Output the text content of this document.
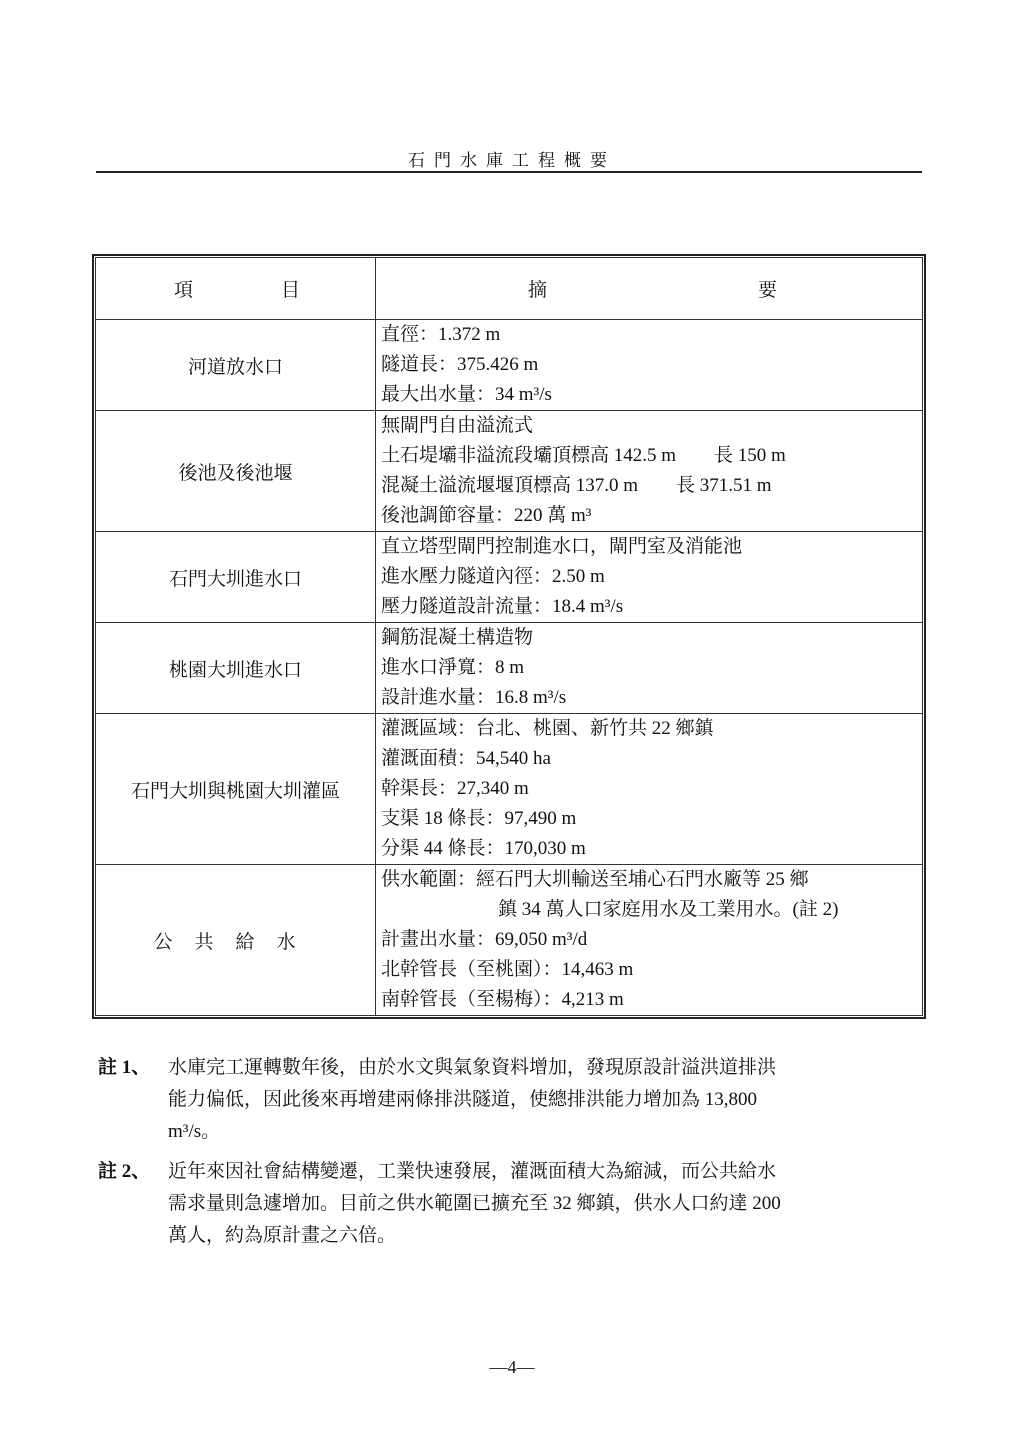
石門水庫工程概要
項 目	摘 要

河道放水口	直徑：1.372 m
隧道長：375.426 m
最大出水量：34 m³/s

後池及後池堰	無閘門自由溢流式
土石堤壩非溢流段壩頂標高 142.5 m　　長 150 m
混凝土溢流堰堰頂標高 137.0 m　　長 371.51 m
後池調節容量：220 萬 m³

石門大圳進水口	直立塔型閘門控制進水口，閘門室及消能池
進水壓力隧道內徑：2.50 m
壓力隧道設計流量：18.4 m³/s

桃園大圳進水口	鋼筋混凝土構造物
進水口淨寬：8 m
設計進水量：16.8 m³/s

石門大圳與桃園大圳灌區	灌溉區域：台北、桃園、新竹共 22 鄉鎮
灌溉面積：54,540 ha
幹渠長：27,340 m
支渠 18 條長：97,490 m
分渠 44 條長：170,030 m

公共給水	供水範圍：經石門大圳輸送至埔心石門水廠等 25 鄉
鎮 34 萬人口家庭用水及工業用水。(註 2)
計畫出水量：69,050 m³/d
北幹管長（至桃園）：14,463 m
南幹管長（至楊梅）：4,213 m
註 1、 水庫完工運轉數年後，由於水文與氣象資料增加，發現原設計溢洪道排洪
能力偏低，因此後來再增建兩條排洪隧道，使總排洪能力增加為 13,800
m³/s。
註 2、 近年來因社會結構變遷，工業快速發展，灌溉面積大為縮減，而公共給水
需求量則急遽增加。目前之供水範圍已擴充至 32 鄉鎮，供水人口約達 200
萬人，約為原計畫之六倍。
—4—
